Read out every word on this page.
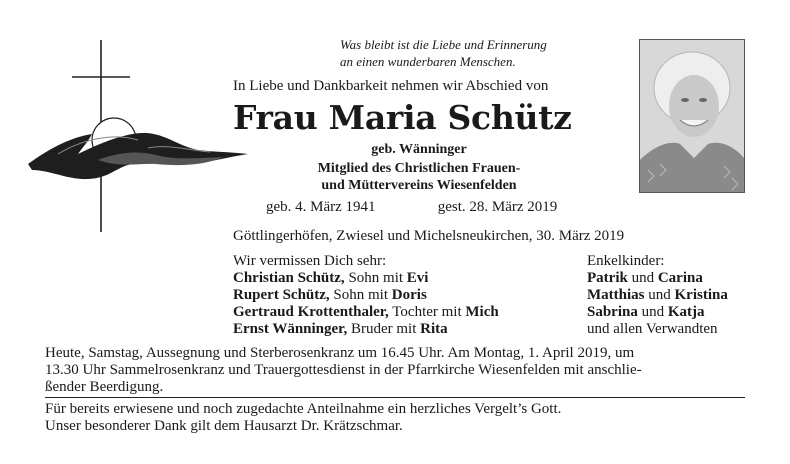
Was bleibt ist die Liebe und Erinnerung
an einen wunderbaren Menschen.
In Liebe und Dankbarkeit nehmen wir Abschied von
Frau Maria Schütz
geb. Wänninger
Mitglied des Christlichen Frauen-
und Müttervereins Wiesenfelden
geb. 4. März 1941	gest. 28. März 2019
Göttlingerhöfen, Zwiesel und Michelsneukirchen, 30. März 2019
Wir vermissen Dich sehr:
Christian Schütz, Sohn mit Evi
Rupert Schütz, Sohn mit Doris
Gertraud Krottenthaler, Tochter mit Mich
Ernst Wänninger, Bruder mit Rita
Enkelkinder:
Patrik und Carina
Matthias und Kristina
Sabrina und Katja
und allen Verwandten
Heute, Samstag, Aussegnung und Sterberosenkranz um 16.45 Uhr. Am Montag, 1. April 2019, um
13.30 Uhr Sammelrosenkranz und Trauergottesdienst in der Pfarrkirche Wiesenfelden mit anschlie-
ßender Beerdigung.
Für bereits erwiesene und noch zugedachte Anteilnahme ein herzliches Vergelt’s Gott.
Unser besonderer Dank gilt dem Hausarzt Dr. Krätzschmar.
